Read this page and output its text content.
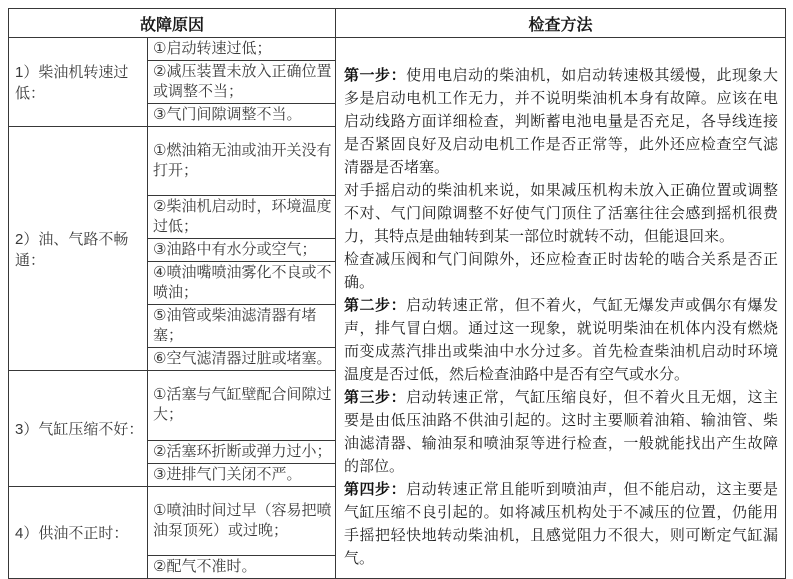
故障原因		检查方法
1）柴油机转速过低：	①启动转速过低；	

第一步：使用电启动的柴油机，如启动转速极其缓慢，此现象大多是启动电机工作无力，并不说明柴油机本身有故障。应该在电启动线路方面详细检查，判断蓄电池电量是否充足，各导线连接是否紧固良好及启动电机工作是否正常等，此外还应检查空气滤清器是否堵塞。

对手摇启动的柴油机来说，如果减压机构未放入正确位置或调整不对、气门间隙调整不好使气门顶住了活塞往往会感到摇机很费力，其特点是曲轴转到某一部位时就转不动，但能退回来。

检查减压阀和气门间隙外，还应检查正时齿轮的啮合关系是否正确。

第二步：启动转速正常，但不着火，气缸无爆发声或偶尔有爆发声，排气冒白烟。通过这一现象，就说明柴油在机体内没有燃烧而变成蒸汽排出或柴油中水分过多。首先检查柴油机启动时环境温度是否过低，然后检查油路中是否有空气或水分。

第三步：启动转速正常，气缸压缩良好，但不着火且无烟，这主要是由低压油路不供油引起的。这时主要顺着油箱、输油管、柴油滤清器、输油泵和喷油泵等进行检查，一般就能找出产生故障的部位。

第四步：启动转速正常且能听到喷油声，但不能启动，这主要是气缸压缩不良引起的。如将减压机构处于不减压的位置，仍能用手摇把轻快地转动柴油机，且感觉阻力不很大，则可断定气缸漏气。

	②减压装置未放入正确位置或调整不当；	
	③气门间隙调整不当。	
2）油、气路不畅通：	①燃油箱无油或油开关没有打开；	
	②柴油机启动时，环境温度过低；	
	③油路中有水分或空气；	
	④喷油嘴喷油雾化不良或不喷油；	
	⑤油管或柴油滤清器有堵塞；	
	⑥空气滤清器过脏或堵塞。	
3）气缸压缩不好：	①活塞与气缸壁配合间隙过大；	
	②活塞环折断或弹力过小；	
	③进排气门关闭不严。	
4）供油不正时：	①喷油时间过早（容易把喷油泵顶死）或过晚；	
	②配气不准时。	
